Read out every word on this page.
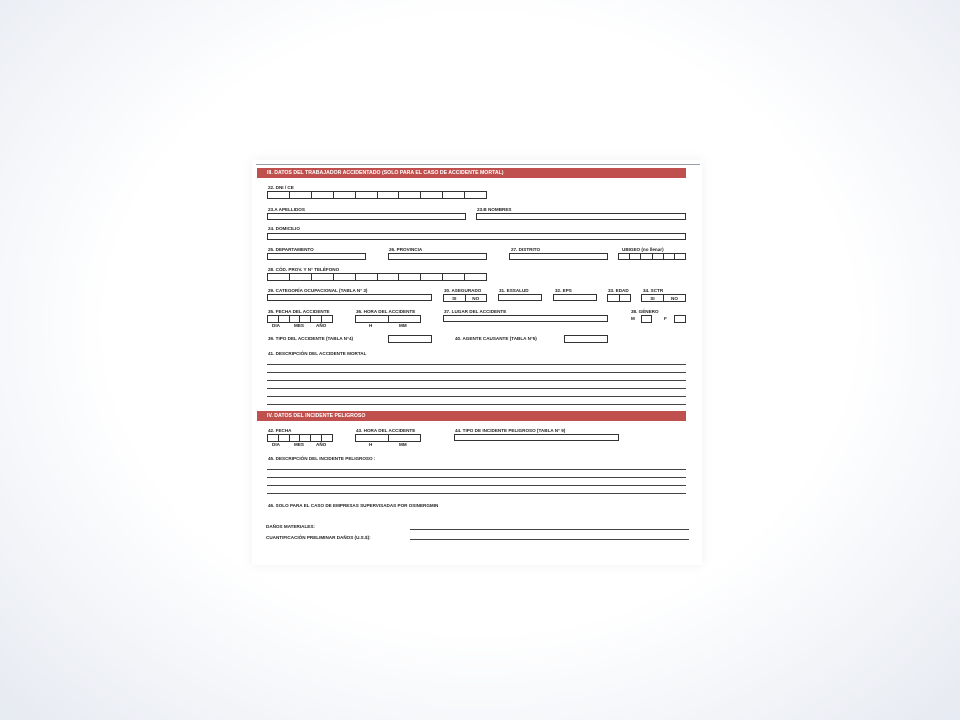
III. DATOS DEL TRABAJADOR ACCIDENTADO (SOLO PARA EL CASO DE ACCIDENTE MORTAL)
22. DNI / CE
23.A APELLIDOS	23.B NOMBRES
24. DOMICILIO
25. DEPARTAMENTO	26. PROVINCIA	27. DISTRITO	UBIGEO (no llenar)
28. CÓD. PROV. Y N° TELÉFONO
29. CATEGORÍA OCUPACIONAL (TABLA N° 3)	30. ASEGURADO
SI	NO
31. ESSALUD	32. EPS	33. EDAD	34. SCTR
SI	NO
35. FECHA DEL ACCIDENTE
DIA	MES	AÑO
36. HORA DEL ACCIDENTE
H	MM
37. LUGAR DEL ACCIDENTE	38. GÉNERO
M	F
39. TIPO DEL ACCIDENTE (TABLA N°4)	40. AGENTE CAUSANTE (TABLA N°5)
41. DESCRIPCIÓN DEL ACCIDENTE MORTAL
IV. DATOS DEL INCIDENTE PELIGROSO
42. FECHA
DIA	MES	AÑO
43. HORA DEL ACCIDENTE
H	MM
44. TIPO DE INCIDENTE PELIGROSO (TABLA N° 9)
45. DESCRIPCIÓN DEL INCIDENTE PELIGROSO :
46. SOLO PARA EL CASO DE EMPRESAS SUPERVISADAS POR OSINERGMIN
DAÑOS MATERIALES:
CUANTIFICACIÓN PRELIMINAR DAÑOS (U.S.$):
